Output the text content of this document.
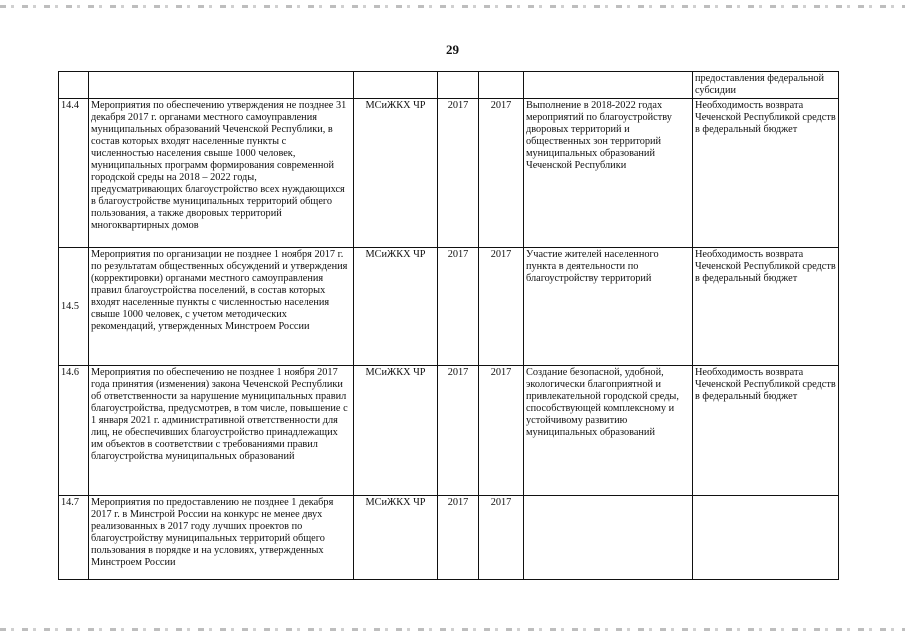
29
						предоставления федеральной субсидии
14.4	Мероприятия по обеспечению утверждения не позднее 31 декабря 2017 г. органами местного самоуправления муниципальных образований Чеченской Республики, в состав которых входят населенные пункты с численностью населения свыше 1000 человек, муниципальных программ формирования современной городской среды на 2018 – 2022 годы, предусматривающих благоустройство всех нуждающихся в благоустройстве муниципальных территорий общего пользования, а также дворовых территорий многоквартирных домов	МСиЖКХ ЧР	2017	2017	Выполнение в 2018-2022 годах мероприятий по благоустройству дворовых территорий и общественных зон территорий муниципальных образований Чеченской Республики	Необходимость возврата Чеченской Республикой средств в федеральный бюджет
14.5	Мероприятия по организации не позднее 1 ноября 2017 г. по результатам общественных обсуждений и утверждения (корректировки) органами местного самоуправления правил благоустройства поселений, в состав которых входят населенные пункты с численностью населения свыше 1000 человек, с учетом методических рекомендаций, утвержденных Минстроем России	МСиЖКХ ЧР	2017	2017	Участие жителей населенного пункта в деятельности по благоустройству территорий	Необходимость возврата Чеченской Республикой средств в федеральный бюджет
14.6	Мероприятия по обеспечению не позднее 1 ноября 2017 года принятия (изменения) закона Чеченской Республики об ответственности за нарушение муниципальных правил благоустройства, предусмотрев, в том числе, повышение с 1 января 2021 г. административной ответственности для лиц, не обеспечивших благоустройство принадлежащих им объектов в соответствии с требованиями правил благоустройства муниципальных образований	МСиЖКХ ЧР	2017	2017	Создание безопасной, удобной, экологически благоприятной и привлекательной городской среды, способствующей комплексному и устойчивому развитию муниципальных образований	Необходимость возврата Чеченской Республикой средств в федеральный бюджет
14.7	Мероприятия по предоставлению не позднее 1 декабря 2017 г. в Минстрой России на конкурс не менее двух реализованных в 2017 году лучших проектов по благоустройству муниципальных территорий общего пользования в порядке и на условиях, утвержденных Минстроем России	МСиЖКХ ЧР	2017	2017		
